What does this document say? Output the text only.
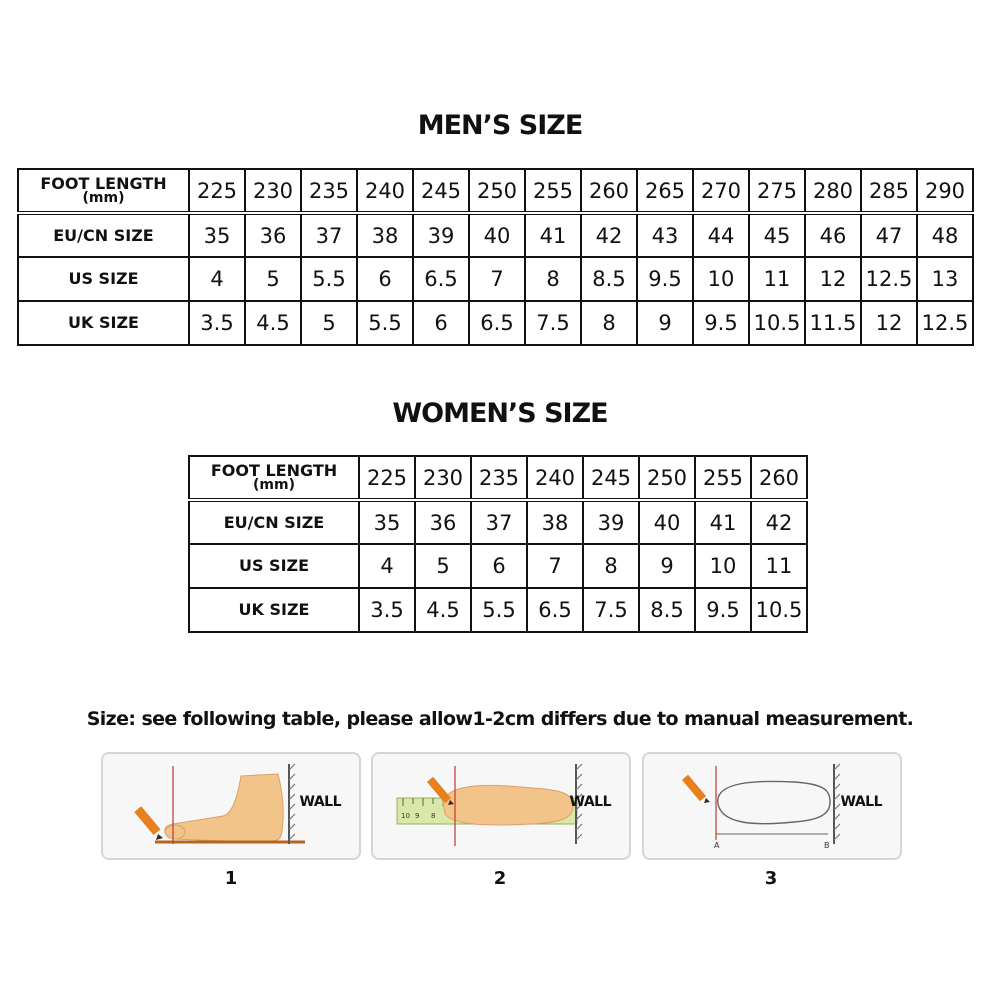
MEN’S SIZE
FOOT LENGTH
(mm)	225	230	235	240	245	250	255	260	265	270	275	280	285	290
EU/CN SIZE	35	36	37	38	39	40	41	42	43	44	45	46	47	48
US SIZE	4	5	5.5	6	6.5	7	8	8.5	9.5	10	11	12	12.5	13
UK SIZE	3.5	4.5	5	5.5	6	6.5	7.5	8	9	9.5	10.5	11.5	12	12.5
WOMEN’S SIZE
FOOT LENGTH
(mm)	225	230	235	240	245	250	255	260
EU/CN SIZE	35	36	37	38	39	40	41	42
US SIZE	4	5	6	7	8	9	10	11
UK SIZE	3.5	4.5	5.5	6.5	7.5	8.5	9.5	10.5
Size: see following table, please allow1-2cm differs due to manual measurement.
WALL
10 9 8
WALL
A	B
WALL
1	2	3
